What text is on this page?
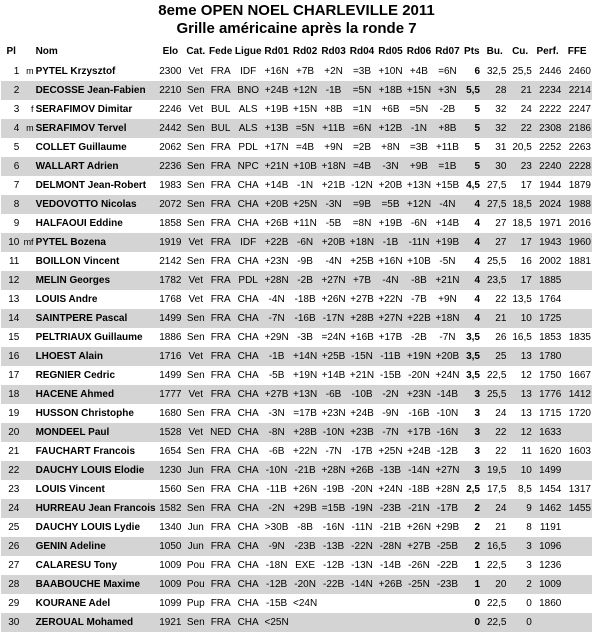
8eme OPEN NOEL CHARLEVILLE 2011
Grille américaine après la ronde 7
Pl		Nom	Elo	Cat.	Fede	Ligue	Rd01	Rd02	Rd03	Rd04	Rd05	Rd06	Rd07	Pts	Bu.	Cu.	Perf.	FFE
1	m	PYTEL Krzysztof	2300	Vet	FRA	IDF	+16N	+7B	+2N	=3B	+10N	+4B	=6N	6	32,5	25,5	2446	2460
2		DECOSSE Jean-Fabien	2210	Sen	FRA	BNO	+24B	+12N	-1B	=5N	+18B	+15N	+3N	5,5	28	21	2234	2214
3	f	SERAFIMOV Dimitar	2246	Vet	BUL	ALS	+19B	+15N	+8B	=1N	+6B	=5N	-2B	5	32	24	2222	2247
4	m	SERAFIMOV Tervel	2442	Sen	BUL	ALS	+13B	=5N	+11B	=6N	+12B	-1N	+8B	5	32	22	2308	2186
5		COLLET Guillaume	2062	Sen	FRA	PDL	+17N	=4B	+9N	=2B	+8N	=3B	+11B	5	31	20,5	2252	2263
6		WALLART Adrien	2236	Sen	FRA	NPC	+21N	+10B	+18N	=4B	-3N	+9B	=1B	5	30	23	2240	2228
7		DELMONT Jean-Robert	1983	Sen	FRA	CHA	+14B	-1N	+21B	-12N	+20B	+13N	+15B	4,5	27,5	17	1944	1879
8		VEDOVOTTO Nicolas	2072	Sen	FRA	CHA	+20B	+25N	-3N	=9B	=5B	+12N	-4N	4	27,5	18,5	2024	1988
9		HALFAOUI Eddine	1858	Sen	FRA	CHA	+26B	+11N	-5B	=8N	+19B	-6N	+14B	4	27	18,5	1971	2016
10	mf	PYTEL Bozena	1919	Vet	FRA	IDF	+22B	-6N	+20B	+18N	-1B	-11N	+19B	4	27	17	1943	1960
11		BOILLON Vincent	2142	Sen	FRA	CHA	+23N	-9B	-4N	+25B	+16N	+10B	-5N	4	25,5	16	2002	1881
12		MELIN Georges	1782	Vet	FRA	PDL	+28N	-2B	+27N	+7B	-4N	-8B	+21N	4	23,5	17	1885	
13		LOUIS Andre	1768	Vet	FRA	CHA	-4N	-18B	+26N	+27B	+22N	-7B	+9N	4	22	13,5	1764	
14		SAINTPERE Pascal	1499	Sen	FRA	CHA	-7N	-16B	-17N	+28B	+27N	+22B	+18N	4	21	10	1725	
15		PELTRIAUX Guillaume	1886	Sen	FRA	CHA	+29N	-3B	=24N	+16B	+17B	-2B	-7N	3,5	26	16,5	1853	1835
16		LHOEST Alain	1716	Vet	FRA	CHA	-1B	+14N	+25B	-15N	-11B	+19N	+20B	3,5	25	13	1780	
17		REGNIER Cedric	1499	Sen	FRA	CHA	-5B	+19N	+14B	+21N	-15B	-20N	+24N	3,5	22,5	12	1750	1667
18		HACENE Ahmed	1777	Vet	FRA	CHA	+27B	+13N	-6B	-10B	-2N	+23N	-14B	3	25,5	13	1776	1412
19		HUSSON Christophe	1680	Sen	FRA	CHA	-3N	=17B	+23N	+24B	-9N	-16B	-10N	3	24	13	1715	1720
20		MONDEEL Paul	1528	Vet	NED	CHA	-8N	+28B	-10N	+23B	-7N	+17B	-16N	3	22	12	1633	
21		FAUCHART Francois	1654	Sen	FRA	CHA	-6B	+22N	-7N	-17B	+25N	+24B	-12B	3	22	11	1620	1603
22		DAUCHY LOUIS Elodie	1230	Jun	FRA	CHA	-10N	-21B	+28N	+26B	-13B	-14N	+27N	3	19,5	10	1499	
23		LOUIS Vincent	1560	Sen	FRA	CHA	-11B	+26N	-19B	-20N	+24N	-18B	+28N	2,5	17,5	8,5	1454	1317
24		HURREAU Jean Francois	1582	Sen	FRA	CHA	-2N	+29B	=15B	-19N	-23B	-21N	-17B	2	24	9	1462	1455
25		DAUCHY LOUIS Lydie	1340	Jun	FRA	CHA	>30B	-8B	-16N	-11N	-21B	+26N	+29B	2	21	8	1191	
26		GENIN Adeline	1050	Jun	FRA	CHA	-9N	-23B	-13B	-22N	-28N	+27B	-25B	2	16,5	3	1096	
27		CALARESU Tony	1009	Pou	FRA	CHA	-18N	EXE	-12B	-13N	-14B	-26N	-22B	1	22,5	3	1236	
28		BAABOUCHE Maxime	1009	Pou	FRA	CHA	-12B	-20N	-22B	-14N	+26B	-25N	-23B	1	20	2	1009	
29		KOURANE Adel	1099	Pup	FRA	CHA	-15B	<24N						0	22,5	0	1860	
30		ZEROUAL Mohamed	1921	Sen	FRA	CHA	<25N							0	22,5	0		
